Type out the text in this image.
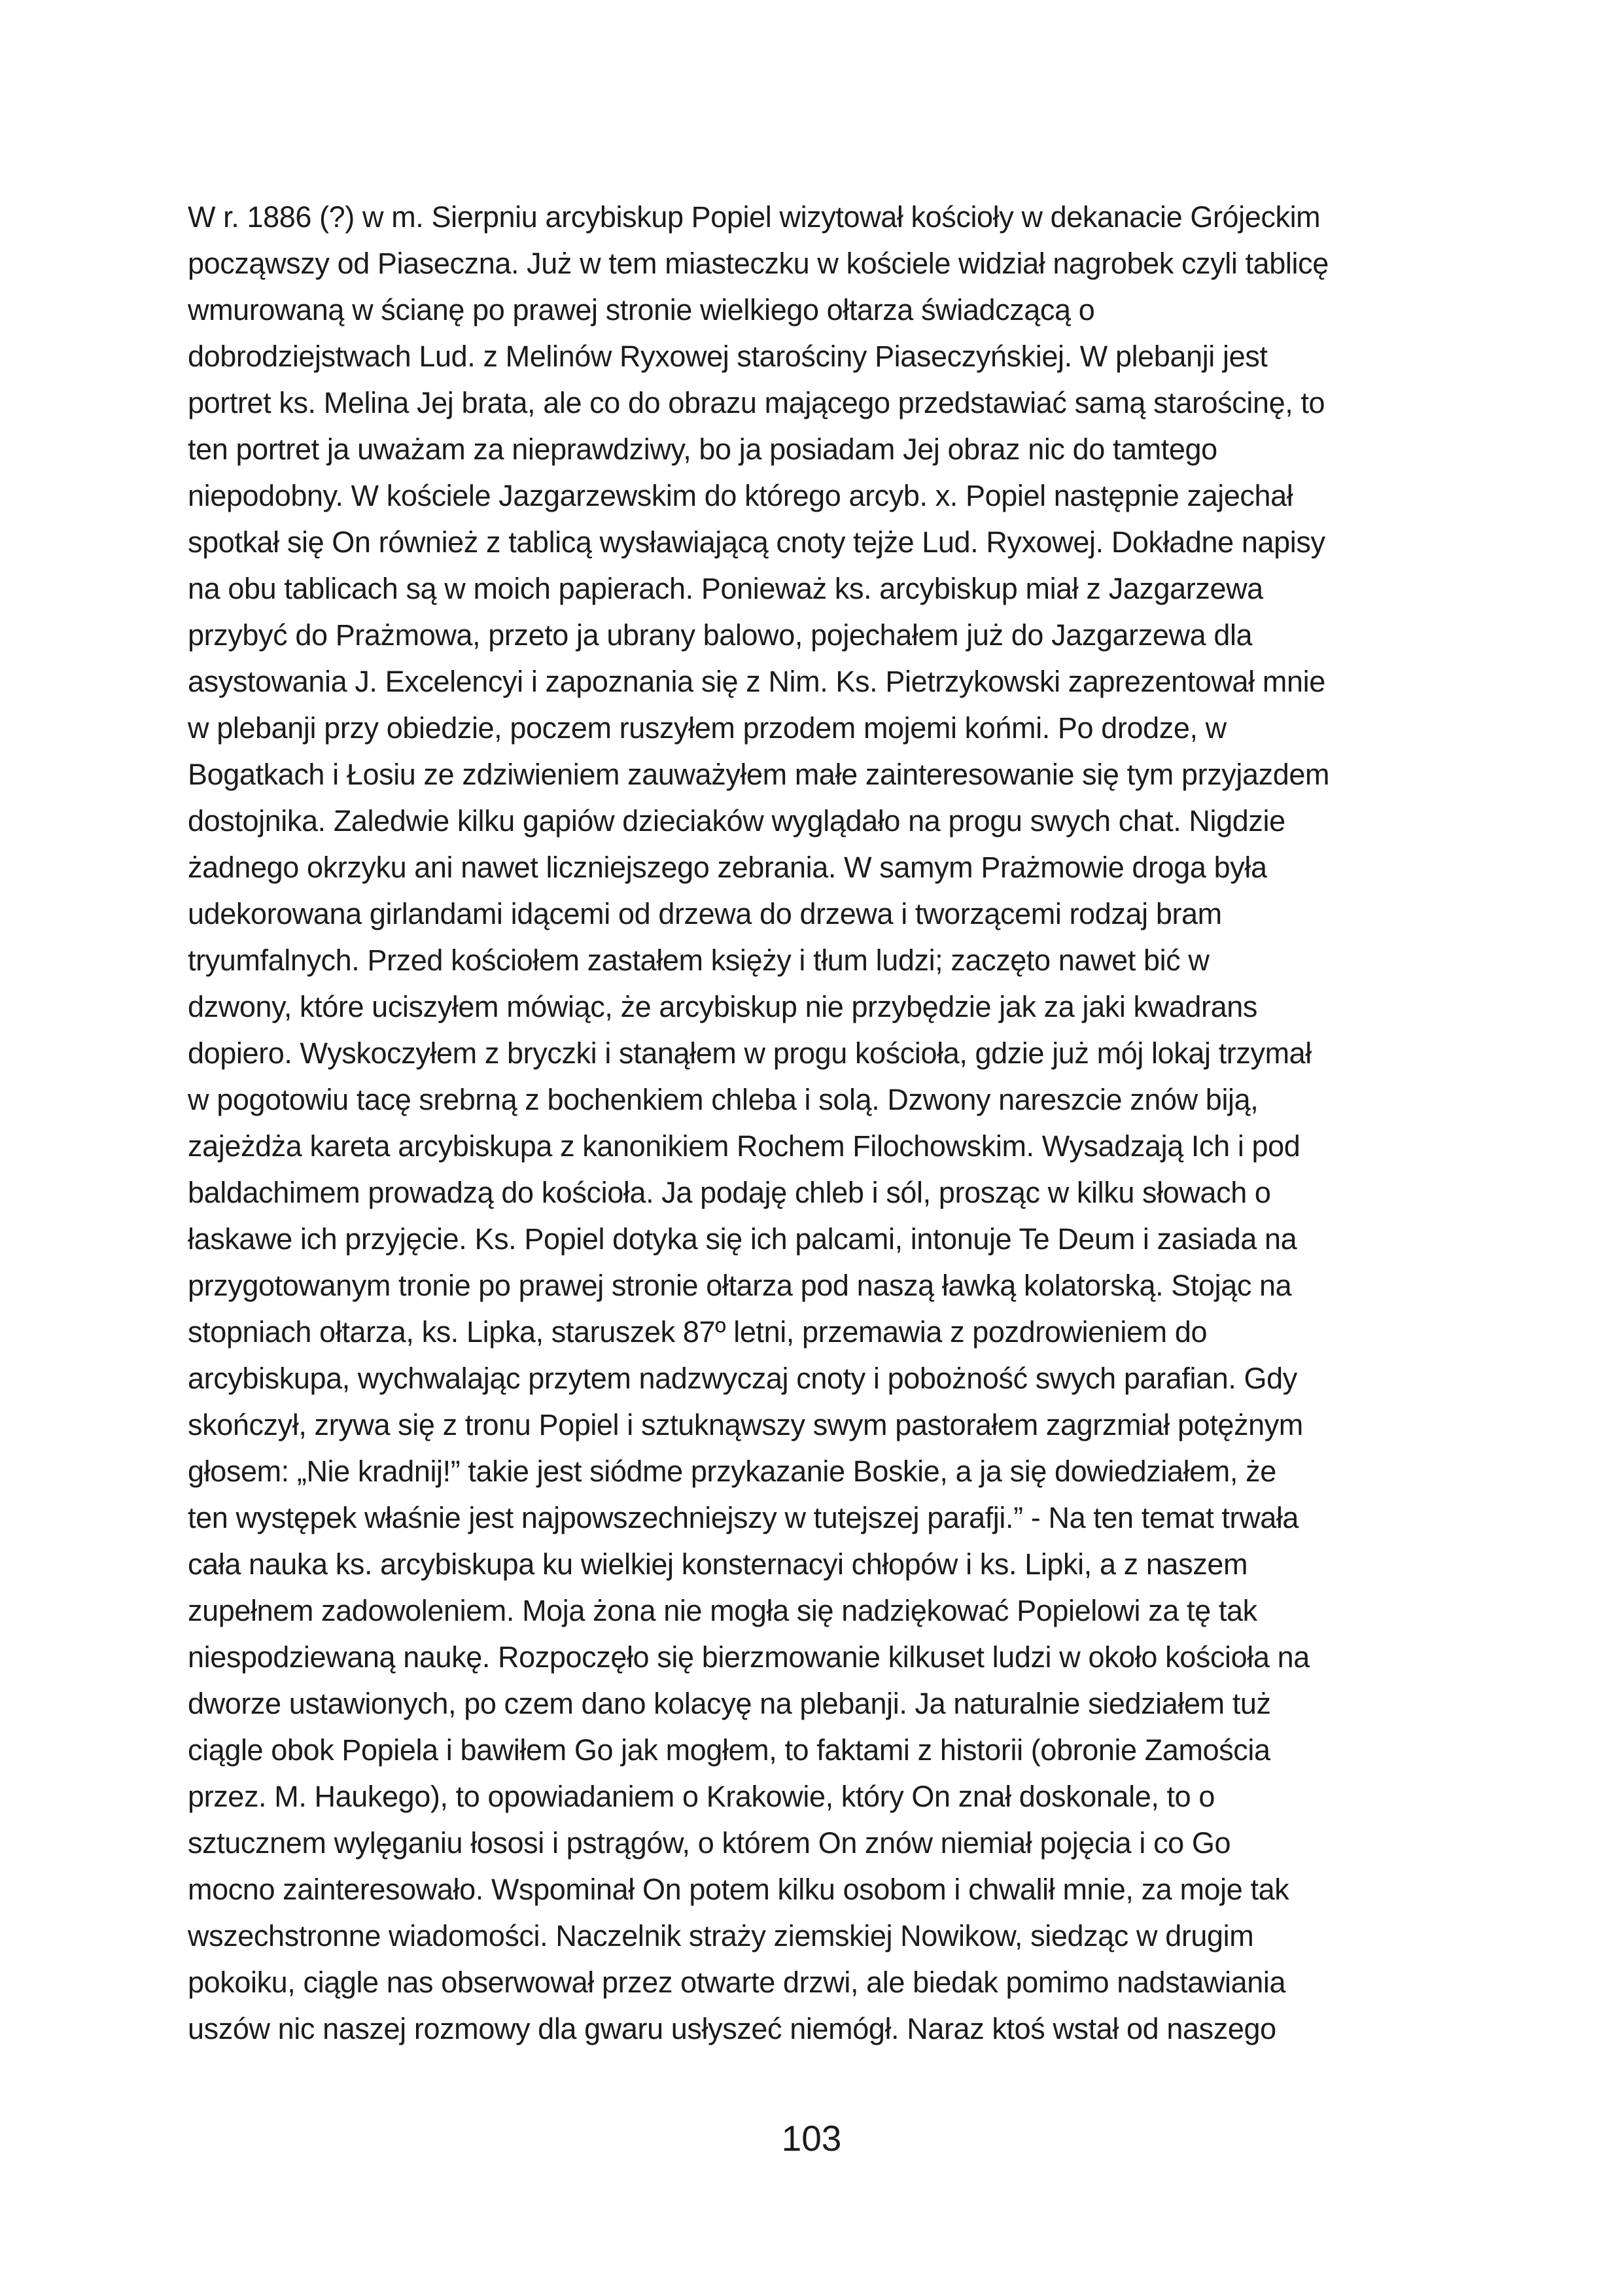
W r. 1886 (?) w m. Sierpniu arcybiskup Popiel wizytował kościoły w dekanacie Grójeckim
począwszy od Piaseczna. Już w tem miasteczku w kościele widział nagrobek czyli tablicę
wmurowaną w ścianę po prawej stronie wielkiego ołtarza świadczącą o
dobrodziejstwach Lud. z Melinów Ryxowej starościny Piaseczyńskiej. W plebanji jest
portret ks. Melina Jej brata, ale co do obrazu mającego przedstawiać samą starościnę, to
ten portret ja uważam za nieprawdziwy, bo ja posiadam Jej obraz nic do tamtego
niepodobny. W kościele Jazgarzewskim do którego arcyb. x. Popiel następnie zajechał
spotkał się On również z tablicą wysławiającą cnoty tejże Lud. Ryxowej. Dokładne napisy
na obu tablicach są w moich papierach. Ponieważ ks. arcybiskup miał z Jazgarzewa
przybyć do Prażmowa, przeto ja ubrany balowo, pojechałem już do Jazgarzewa dla
asystowania J. Excelencyi i zapoznania się z Nim. Ks. Pietrzykowski zaprezentował mnie
w plebanji przy obiedzie, poczem ruszyłem przodem mojemi końmi. Po drodze, w
Bogatkach i Łosiu ze zdziwieniem zauważyłem małe zainteresowanie się tym przyjazdem
dostojnika. Zaledwie kilku gapiów dzieciaków wyglądało na progu swych chat. Nigdzie
żadnego okrzyku ani nawet liczniejszego zebrania. W samym Prażmowie droga była
udekorowana girlandami idącemi od drzewa do drzewa i tworzącemi rodzaj bram
tryumfalnych. Przed kościołem zastałem księży i tłum ludzi; zaczęto nawet bić w
dzwony, które uciszyłem mówiąc, że arcybiskup nie przybędzie jak za jaki kwadrans
dopiero. Wyskoczyłem z bryczki i stanąłem w progu kościoła, gdzie już mój lokaj trzymał
w pogotowiu tacę srebrną z bochenkiem chleba i solą. Dzwony nareszcie znów biją,
zajeżdża kareta arcybiskupa z kanonikiem Rochem Filochowskim. Wysadzają Ich i pod
baldachimem prowadzą do kościoła. Ja podaję chleb i sól, prosząc w kilku słowach o
łaskawe ich przyjęcie. Ks. Popiel dotyka się ich palcami, intonuje Te Deum i zasiada na
przygotowanym tronie po prawej stronie ołtarza pod naszą ławką kolatorską. Stojąc na
stopniach ołtarza, ks. Lipka, staruszek 87º letni, przemawia z pozdrowieniem do
arcybiskupa, wychwalając przytem nadzwyczaj cnoty i pobożność swych parafian. Gdy
skończył, zrywa się z tronu Popiel i sztuknąwszy swym pastorałem zagrzmiał potężnym
głosem: „Nie kradnij!” takie jest siódme przykazanie Boskie, a ja się dowiedziałem, że
ten występek właśnie jest najpowszechniejszy w tutejszej parafji.” - Na ten temat trwała
cała nauka ks. arcybiskupa ku wielkiej konsternacyi chłopów i ks. Lipki, a z naszem
zupełnem zadowoleniem. Moja żona nie mogła się nadziękować Popielowi za tę tak
niespodziewaną naukę. Rozpoczęło się bierzmowanie kilkuset ludzi w około kościoła na
dworze ustawionych, po czem dano kolacyę na plebanji. Ja naturalnie siedziałem tuż
ciągle obok Popiela i bawiłem Go jak mogłem, to faktami z historii (obronie Zamościa
przez. M. Haukego), to opowiadaniem o Krakowie, który On znał doskonale, to o
sztucznem wylęganiu łososi i pstrągów, o którem On znów niemiał pojęcia i co Go
mocno zainteresowało. Wspominał On potem kilku osobom i chwalił mnie, za moje tak
wszechstronne wiadomości. Naczelnik straży ziemskiej Nowikow, siedząc w drugim
pokoiku, ciągle nas obserwował przez otwarte drzwi, ale biedak pomimo nadstawiania
uszów nic naszej rozmowy dla gwaru usłyszeć niemógł. Naraz ktoś wstał od naszego
103
